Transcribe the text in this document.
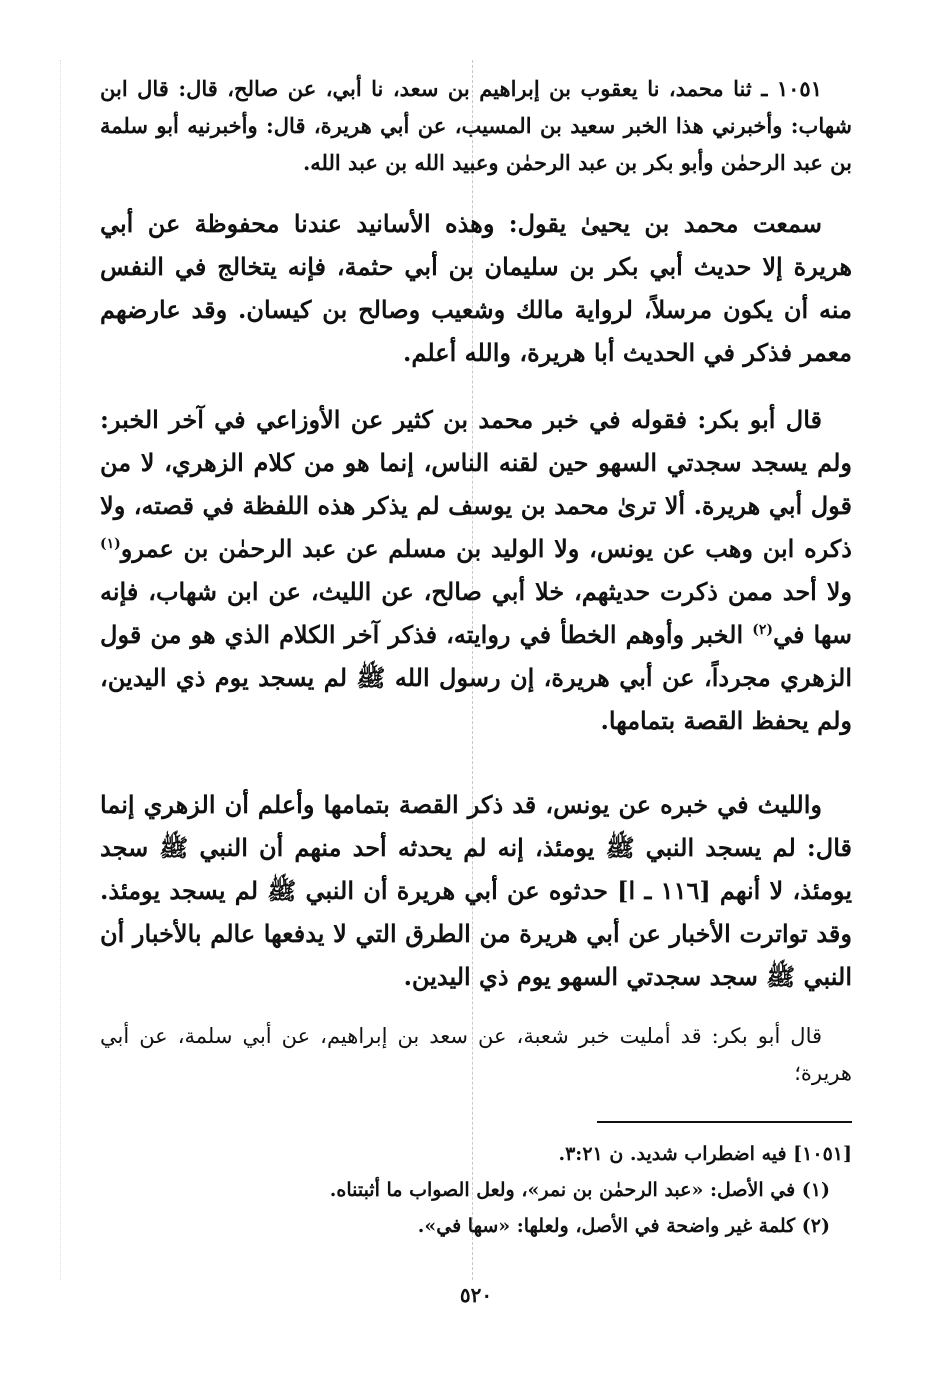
١٠٥١ ـ ثنا محمد، نا يعقوب بن إبراهيم بن سعد، نا أبي، عن صالح، قال: قال ابن شهاب: وأخبرني هذا الخبر سعيد بن المسيب، عن أبي هريرة، قال: وأخبرنيه أبو سلمة بن عبد الرحمٰن وأبو بكر بن عبد الرحمٰن وعبيد الله بن عبد الله.

سمعت محمد بن يحيىٰ يقول: وهذه الأسانيد عندنا محفوظة عن أبي هريرة إلا حديث أبي بكر بن سليمان بن أبي حثمة، فإنه يتخالج في النفس منه أن يكون مرسلاً، لرواية مالك وشعيب وصالح بن كيسان. وقد عارضهم معمر فذكر في الحديث أبا هريرة، والله أعلم.

قال أبو بكر: فقوله في خبر محمد بن كثير عن الأوزاعي في آخر الخبر: ولم يسجد سجدتي السهو حين لقنه الناس، إنما هو من كلام الزهري، لا من قول أبي هريرة. ألا ترىٰ محمد بن يوسف لم يذكر هذه اللفظة في قصته، ولا ذكره ابن وهب عن يونس، ولا الوليد بن مسلم عن عبد الرحمٰن بن عمرو$^{(١)}$ ولا أحد ممن ذكرت حديثهم، خلا أبي صالح، عن الليث، عن ابن شهاب، فإنه سها في$^{(٢)}$ الخبر وأوهم الخطأ في روايته، فذكر آخر الكلام الذي هو من قول الزهري مجرداً، عن أبي هريرة، إن رسول الله ﷺ لم يسجد يوم ذي اليدين، ولم يحفظ القصة بتمامها.

والليث في خبره عن يونس، قد ذكر القصة بتمامها وأعلم أن الزهري إنما قال: لم يسجد النبي ﷺ يومئذ، إنه لم يحدثه أحد منهم أن النبي ﷺ سجد يومئذ، لا أنهم [١١٦ ـ ا] حدثوه عن أبي هريرة أن النبي ﷺ لم يسجد يومئذ. وقد تواترت الأخبار عن أبي هريرة من الطرق التي لا يدفعها عالم بالأخبار أن النبي ﷺ سجد سجدتي السهو يوم ذي اليدين.

قال أبو بكر: قد أمليت خبر شعبة، عن سعد بن إبراهيم، عن أبي سلمة، عن أبي هريرة؛

[١٠٥١] فيه اضطراب شديد. ن ٣:٢١.

(١) في الأصل: «عبد الرحمٰن بن نمر»، ولعل الصواب ما أثبتناه.

(٢) كلمة غير واضحة في الأصل، ولعلها: «سها في».

٥٢٠
